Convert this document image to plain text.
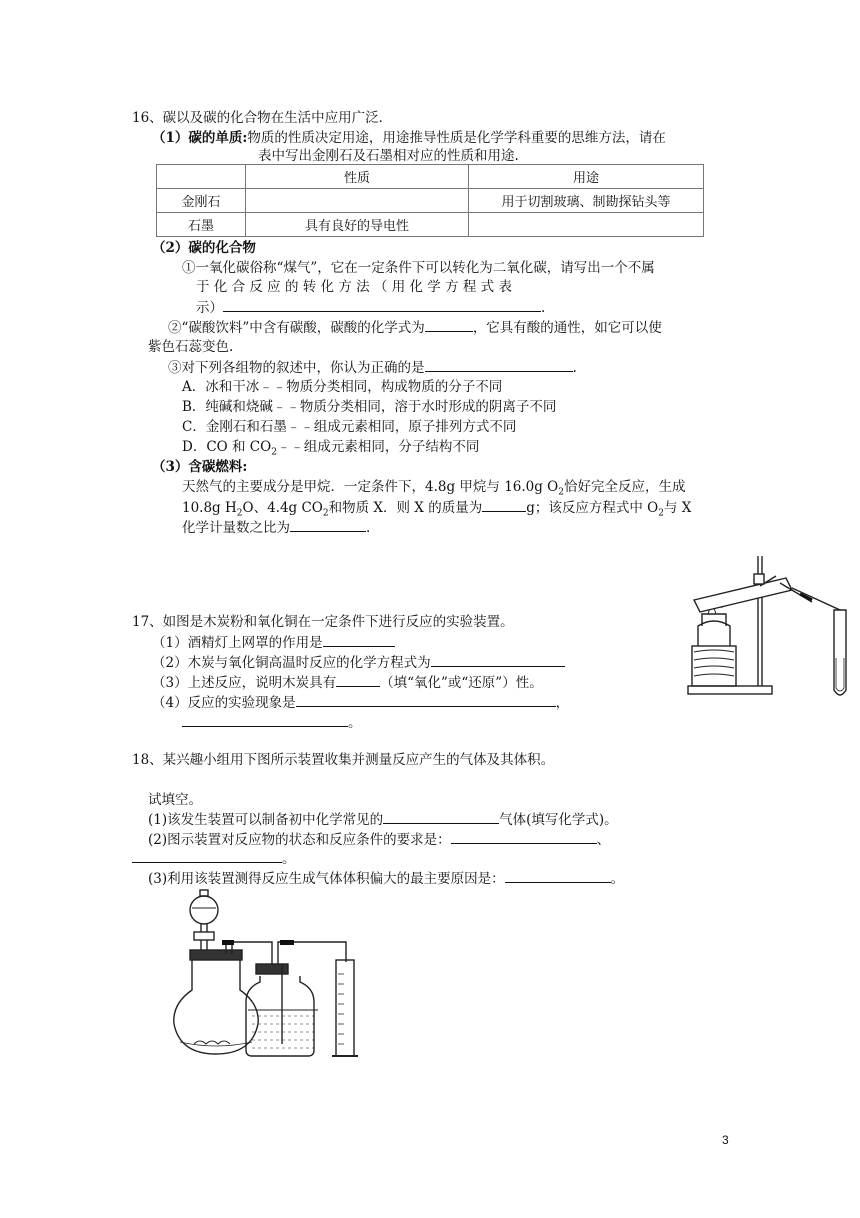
16、碳以及碳的化合物在生活中应用广泛．
（1）碳的单质:物质的性质决定用途，用途推导性质是化学学科重要的思维方法，请在
表中写出金刚石及石墨相对应的性质和用途.
	性质	用途
金刚石		用于切割玻璃、制勘探钻头等
石墨	具有良好的导电性	
（2）碳的化合物
①一氧化碳俗称“煤气”，它在一定条件下可以转化为二氧化碳，请写出一个不属
于 化 合 反 应 的 转 化 方 法 （ 用 化 学 方 程 式 表
示）	.
②“碳酸饮料”中含有碳酸，碳酸的化学式为	，它具有酸的通性，如它可以使
紫色石蕊变色.
③对下列各组物的叙述中，你认为正确的是	.
A．冰和干冰﹣﹣物质分类相同，构成物质的分子不同
B．纯碱和烧碱﹣﹣物质分类相同，溶于水时形成的阴离子不同
C．金刚石和石墨﹣﹣组成元素相同，原子排列方式不同
D．CO 和 $CO_2﹣﹣$组成元素相同，分子结构不同
（3）含碳燃料:
天然气的主要成分是甲烷．一定条件下，4.8g 甲烷与 16.0g $O_2$恰好完全反应，生成
10.8g $H_2O$、4.4g $CO_2$和物质 X．则 X 的质量为	g；该反应方程式中 $O_2$与 X
化学计量数之比为	.
17、如图是木炭粉和氧化铜在一定条件下进行反应的实验装置。
（1）酒精灯上网罩的作用是
（2）木炭与氧化铜高温时反应的化学方程式为
（3）上述反应，说明木炭具有	（填“氧化”或“还原”）性。
（4）反应的实验现象是	，
。
18、某兴趣小组用下图所示装置收集并测量反应产生的气体及其体积。
试填空。
(1)该发生装置可以制备初中化学常见的	气体(填写化学式)。
(2)图示装置对反应物的状态和反应条件的要求是：	、
。
(3)利用该装置测得反应生成气体体积偏大的最主要原因是：	。
3
